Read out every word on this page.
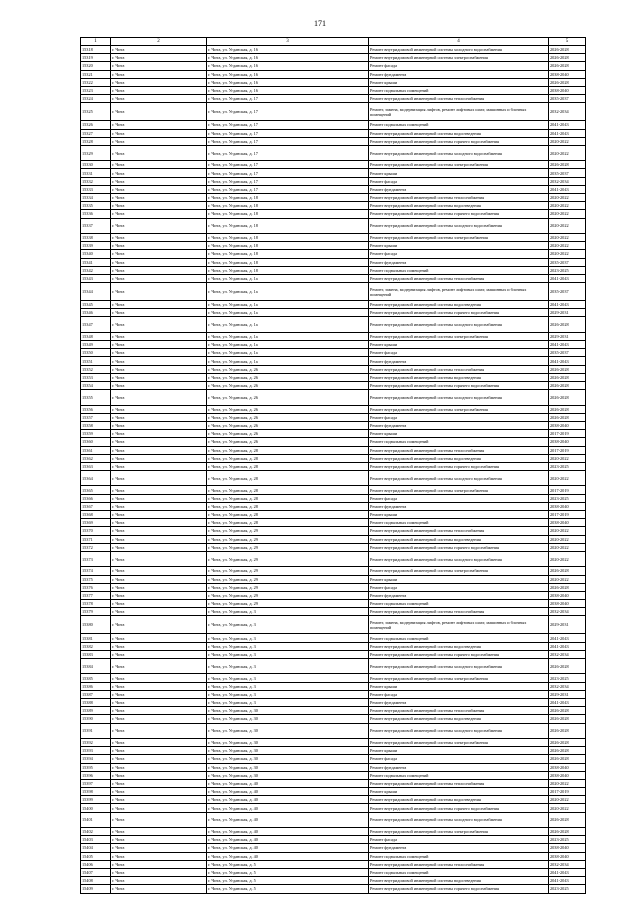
171
1	2	3	4	5
15318	г. Чита	г. Чита, ул. Угданская, д. 16	Ремонт внутридомовой инженерной системы холодного водоснабжения	2026-2028
15319	г. Чита	г. Чита, ул. Угданская, д. 16	Ремонт внутридомовой инженерной системы электроснабжения	2026-2028
15320	г. Чита	г. Чита, ул. Угданская, д. 16	Ремонт фасада	2026-2028
15321	г. Чита	г. Чита, ул. Угданская, д. 16	Ремонт фундамента	2038-2040
15322	г. Чита	г. Чита, ул. Угданская, д. 16	Ремонт крыши	2026-2028
15323	г. Чита	г. Чита, ул. Угданская, д. 16	Ремонт подвальных помещений	2038-2040
15324	г. Чита	г. Чита, ул. Угданская, д. 17	Ремонт внутридомовой инженерной системы теплоснабжения	2035-2037
15325	г. Чита	г. Чита, ул. Угданская, д. 17	Ремонт, замена, модернизация лифтов, ремонт лифтовых шахт, машинных и блочных помещений	2032-2034
15326	г. Чита	г. Чита, ул. Угданская, д. 17	Ремонт подвальных помещений	2041-2043
15327	г. Чита	г. Чита, ул. Угданская, д. 17	Ремонт внутридомовой инженерной системы водоотведения	2041-2043
15328	г. Чита	г. Чита, ул. Угданская, д. 17	Ремонт внутридомовой инженерной системы горячего водоснабжения	2020-2022
15329	г. Чита	г. Чита, ул. Угданская, д. 17	Ремонт внутридомовой инженерной системы холодного водоснабжения	2020-2022
15330	г. Чита	г. Чита, ул. Угданская, д. 17	Ремонт внутридомовой инженерной системы электроснабжения	2026-2028
15331	г. Чита	г. Чита, ул. Угданская, д. 17	Ремонт крыши	2035-2037
15332	г. Чита	г. Чита, ул. Угданская, д. 17	Ремонт фасада	2032-2034
15333	г. Чита	г. Чита, ул. Угданская, д. 17	Ремонт фундамента	2041-2043
15334	г. Чита	г. Чита, ул. Угданская, д. 18	Ремонт внутридомовой инженерной системы теплоснабжения	2020-2022
15335	г. Чита	г. Чита, ул. Угданская, д. 18	Ремонт внутридомовой инженерной системы водоотведения	2020-2022
15336	г. Чита	г. Чита, ул. Угданская, д. 18	Ремонт внутридомовой инженерной системы горячего водоснабжения	2020-2022
15337	г. Чита	г. Чита, ул. Угданская, д. 18	Ремонт внутридомовой инженерной системы холодного водоснабжения	2020-2022
15338	г. Чита	г. Чита, ул. Угданская, д. 18	Ремонт внутридомовой инженерной системы электроснабжения	2020-2022
15339	г. Чита	г. Чита, ул. Угданская, д. 18	Ремонт крыши	2020-2022
15340	г. Чита	г. Чита, ул. Угданская, д. 18	Ремонт фасада	2020-2022
15341	г. Чита	г. Чита, ул. Угданская, д. 18	Ремонт фундамента	2035-2037
15342	г. Чита	г. Чита, ул. Угданская, д. 18	Ремонт подвальных помещений	2023-2025
15343	г. Чита	г. Чита, ул. Угданская, д. 1а	Ремонт внутридомовой инженерной системы теплоснабжения	2041-2043
15344	г. Чита	г. Чита, ул. Угданская, д. 1а	Ремонт, замена, модернизация лифтов, ремонт лифтовых шахт, машинных и блочных помещений	2035-2037
15345	г. Чита	г. Чита, ул. Угданская, д. 1а	Ремонт внутридомовой инженерной системы водоотведения	2041-2043
15346	г. Чита	г. Чита, ул. Угданская, д. 1а	Ремонт внутридомовой инженерной системы горячего водоснабжения	2029-2031
15347	г. Чита	г. Чита, ул. Угданская, д. 1а	Ремонт внутридомовой инженерной системы холодного водоснабжения	2026-2028
15348	г. Чита	г. Чита, ул. Угданская, д. 1а	Ремонт внутридомовой инженерной системы электроснабжения	2029-2031
15349	г. Чита	г. Чита, ул. Угданская, д. 1а	Ремонт крыши	2041-2043
15350	г. Чита	г. Чита, ул. Угданская, д. 1а	Ремонт фасада	2035-2037
15351	г. Чита	г. Чита, ул. Угданская, д. 1а	Ремонт фундамента	2041-2043
15352	г. Чита	г. Чита, ул. Угданская, д. 26	Ремонт внутридомовой инженерной системы теплоснабжения	2026-2028
15353	г. Чита	г. Чита, ул. Угданская, д. 26	Ремонт внутридомовой инженерной системы водоотведения	2026-2028
15354	г. Чита	г. Чита, ул. Угданская, д. 26	Ремонт внутридомовой инженерной системы горячего водоснабжения	2026-2028
15355	г. Чита	г. Чита, ул. Угданская, д. 26	Ремонт внутридомовой инженерной системы холодного водоснабжения	2026-2028
15356	г. Чита	г. Чита, ул. Угданская, д. 26	Ремонт внутридомовой инженерной системы электроснабжения	2026-2028
15357	г. Чита	г. Чита, ул. Угданская, д. 26	Ремонт фасада	2026-2028
15358	г. Чита	г. Чита, ул. Угданская, д. 26	Ремонт фундамента	2038-2040
15359	г. Чита	г. Чита, ул. Угданская, д. 26	Ремонт крыши	2017-2019
15360	г. Чита	г. Чита, ул. Угданская, д. 26	Ремонт подвальных помещений	2038-2040
15361	г. Чита	г. Чита, ул. Угданская, д. 28	Ремонт внутридомовой инженерной системы теплоснабжения	2017-2019
15362	г. Чита	г. Чита, ул. Угданская, д. 28	Ремонт внутридомовой инженерной системы водоотведения	2020-2022
15363	г. Чита	г. Чита, ул. Угданская, д. 28	Ремонт внутридомовой инженерной системы горячего водоснабжения	2023-2025
15364	г. Чита	г. Чита, ул. Угданская, д. 28	Ремонт внутридомовой инженерной системы холодного водоснабжения	2020-2022
15365	г. Чита	г. Чита, ул. Угданская, д. 28	Ремонт внутридомовой инженерной системы электроснабжения	2017-2019
15366	г. Чита	г. Чита, ул. Угданская, д. 28	Ремонт фасада	2023-2025
15367	г. Чита	г. Чита, ул. Угданская, д. 28	Ремонт фундамента	2038-2040
15368	г. Чита	г. Чита, ул. Угданская, д. 28	Ремонт крыши	2017-2019
15369	г. Чита	г. Чита, ул. Угданская, д. 28	Ремонт подвальных помещений	2038-2040
15370	г. Чита	г. Чита, ул. Угданская, д. 29	Ремонт внутридомовой инженерной системы теплоснабжения	2020-2022
15371	г. Чита	г. Чита, ул. Угданская, д. 29	Ремонт внутридомовой инженерной системы водоотведения	2020-2022
15372	г. Чита	г. Чита, ул. Угданская, д. 29	Ремонт внутридомовой инженерной системы горячего водоснабжения	2020-2022
15373	г. Чита	г. Чита, ул. Угданская, д. 29	Ремонт внутридомовой инженерной системы холодного водоснабжения	2020-2022
15374	г. Чита	г. Чита, ул. Угданская, д. 29	Ремонт внутридомовой инженерной системы электроснабжения	2026-2028
15375	г. Чита	г. Чита, ул. Угданская, д. 29	Ремонт крыши	2020-2022
15376	г. Чита	г. Чита, ул. Угданская, д. 29	Ремонт фасада	2026-2028
15377	г. Чита	г. Чита, ул. Угданская, д. 29	Ремонт фундамента	2038-2040
15378	г. Чита	г. Чита, ул. Угданская, д. 29	Ремонт подвальных помещений	2038-2040
15379	г. Чита	г. Чита, ул. Угданская, д. 3	Ремонт внутридомовой инженерной системы теплоснабжения	2032-2034
15380	г. Чита	г. Чита, ул. Угданская, д. 3	Ремонт, замена, модернизация лифтов, ремонт лифтовых шахт, машинных и блочных помещений	2029-2031
15381	г. Чита	г. Чита, ул. Угданская, д. 3	Ремонт подвальных помещений	2041-2043
15382	г. Чита	г. Чита, ул. Угданская, д. 3	Ремонт внутридомовой инженерной системы водоотведения	2041-2043
15383	г. Чита	г. Чита, ул. Угданская, д. 3	Ремонт внутридомовой инженерной системы горячего водоснабжения	2032-2034
15384	г. Чита	г. Чита, ул. Угданская, д. 3	Ремонт внутридомовой инженерной системы холодного водоснабжения	2026-2028
15385	г. Чита	г. Чита, ул. Угданская, д. 3	Ремонт внутридомовой инженерной системы электроснабжения	2023-2025
15386	г. Чита	г. Чита, ул. Угданская, д. 3	Ремонт крыши	2032-2034
15387	г. Чита	г. Чита, ул. Угданская, д. 3	Ремонт фасада	2029-2031
15388	г. Чита	г. Чита, ул. Угданская, д. 3	Ремонт фундамента	2041-2043
15389	г. Чита	г. Чита, ул. Угданская, д. 30	Ремонт внутридомовой инженерной системы теплоснабжения	2026-2028
15390	г. Чита	г. Чита, ул. Угданская, д. 30	Ремонт внутридомовой инженерной системы водоотведения	2026-2028
15391	г. Чита	г. Чита, ул. Угданская, д. 30	Ремонт внутридомовой инженерной системы холодного водоснабжения	2026-2028
15392	г. Чита	г. Чита, ул. Угданская, д. 30	Ремонт внутридомовой инженерной системы электроснабжения	2026-2028
15393	г. Чита	г. Чита, ул. Угданская, д. 30	Ремонт крыши	2026-2028
15394	г. Чита	г. Чита, ул. Угданская, д. 30	Ремонт фасада	2026-2028
15395	г. Чита	г. Чита, ул. Угданская, д. 30	Ремонт фундамента	2038-2040
15396	г. Чита	г. Чита, ул. Угданская, д. 30	Ремонт подвальных помещений	2038-2040
15397	г. Чита	г. Чита, ул. Угданская, д. 40	Ремонт внутридомовой инженерной системы теплоснабжения	2020-2022
15398	г. Чита	г. Чита, ул. Угданская, д. 40	Ремонт крыши	2017-2019
15399	г. Чита	г. Чита, ул. Угданская, д. 40	Ремонт внутридомовой инженерной системы водоотведения	2020-2022
15400	г. Чита	г. Чита, ул. Угданская, д. 40	Ремонт внутридомовой инженерной системы горячего водоснабжения	2020-2022
15401	г. Чита	г. Чита, ул. Угданская, д. 40	Ремонт внутридомовой инженерной системы холодного водоснабжения	2026-2028
15402	г. Чита	г. Чита, ул. Угданская, д. 40	Ремонт внутридомовой инженерной системы электроснабжения	2026-2028
15403	г. Чита	г. Чита, ул. Угданская, д. 40	Ремонт фасада	2023-2025
15404	г. Чита	г. Чита, ул. Угданская, д. 40	Ремонт фундамента	2038-2040
15405	г. Чита	г. Чита, ул. Угданская, д. 40	Ремонт подвальных помещений	2038-2040
15406	г. Чита	г. Чита, ул. Угданская, д. 5	Ремонт внутридомовой инженерной системы теплоснабжения	2032-2034
15407	г. Чита	г. Чита, ул. Угданская, д. 5	Ремонт подвальных помещений	2041-2043
15408	г. Чита	г. Чита, ул. Угданская, д. 5	Ремонт внутридомовой инженерной системы водоотведения	2041-2043
15409	г. Чита	г. Чита, ул. Угданская, д. 5	Ремонт внутридомовой инженерной системы горячего водоснабжения	2023-2025
